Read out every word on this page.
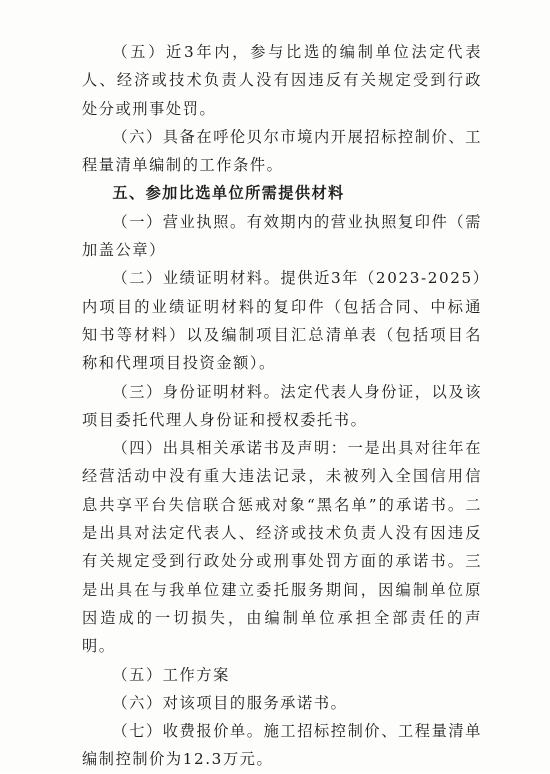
（五）近3年内，参与比选的编制单位法定代表人、经济或技术负责人没有因违反有关规定受到行政处分或刑事处罚。

（六）具备在呼伦贝尔市境内开展招标控制价、工程量清单编制的工作条件。

五、参加比选单位所需提供材料

（一）营业执照。有效期内的营业执照复印件（需加盖公章）

（二）业绩证明材料。提供近3年（2023-2025）内项目的业绩证明材料的复印件（包括合同、中标通知书等材料）以及编制项目汇总清单表（包括项目名称和代理项目投资金额）。

（三）身份证明材料。法定代表人身份证，以及该项目委托代理人身份证和授权委托书。

（四）出具相关承诺书及声明：一是出具对往年在经营活动中没有重大违法记录，未被列入全国信用信息共享平台失信联合惩戒对象“黑名单”的承诺书。二是出具对法定代表人、经济或技术负责人没有因违反有关规定受到行政处分或刑事处罚方面的承诺书。三是出具在与我单位建立委托服务期间，因编制单位原因造成的一切损失，由编制单位承担全部责任的声明。

（五）工作方案

（六）对该项目的服务承诺书。

（七）收费报价单。施工招标控制价、工程量清单编制控制价为12.3万元。
